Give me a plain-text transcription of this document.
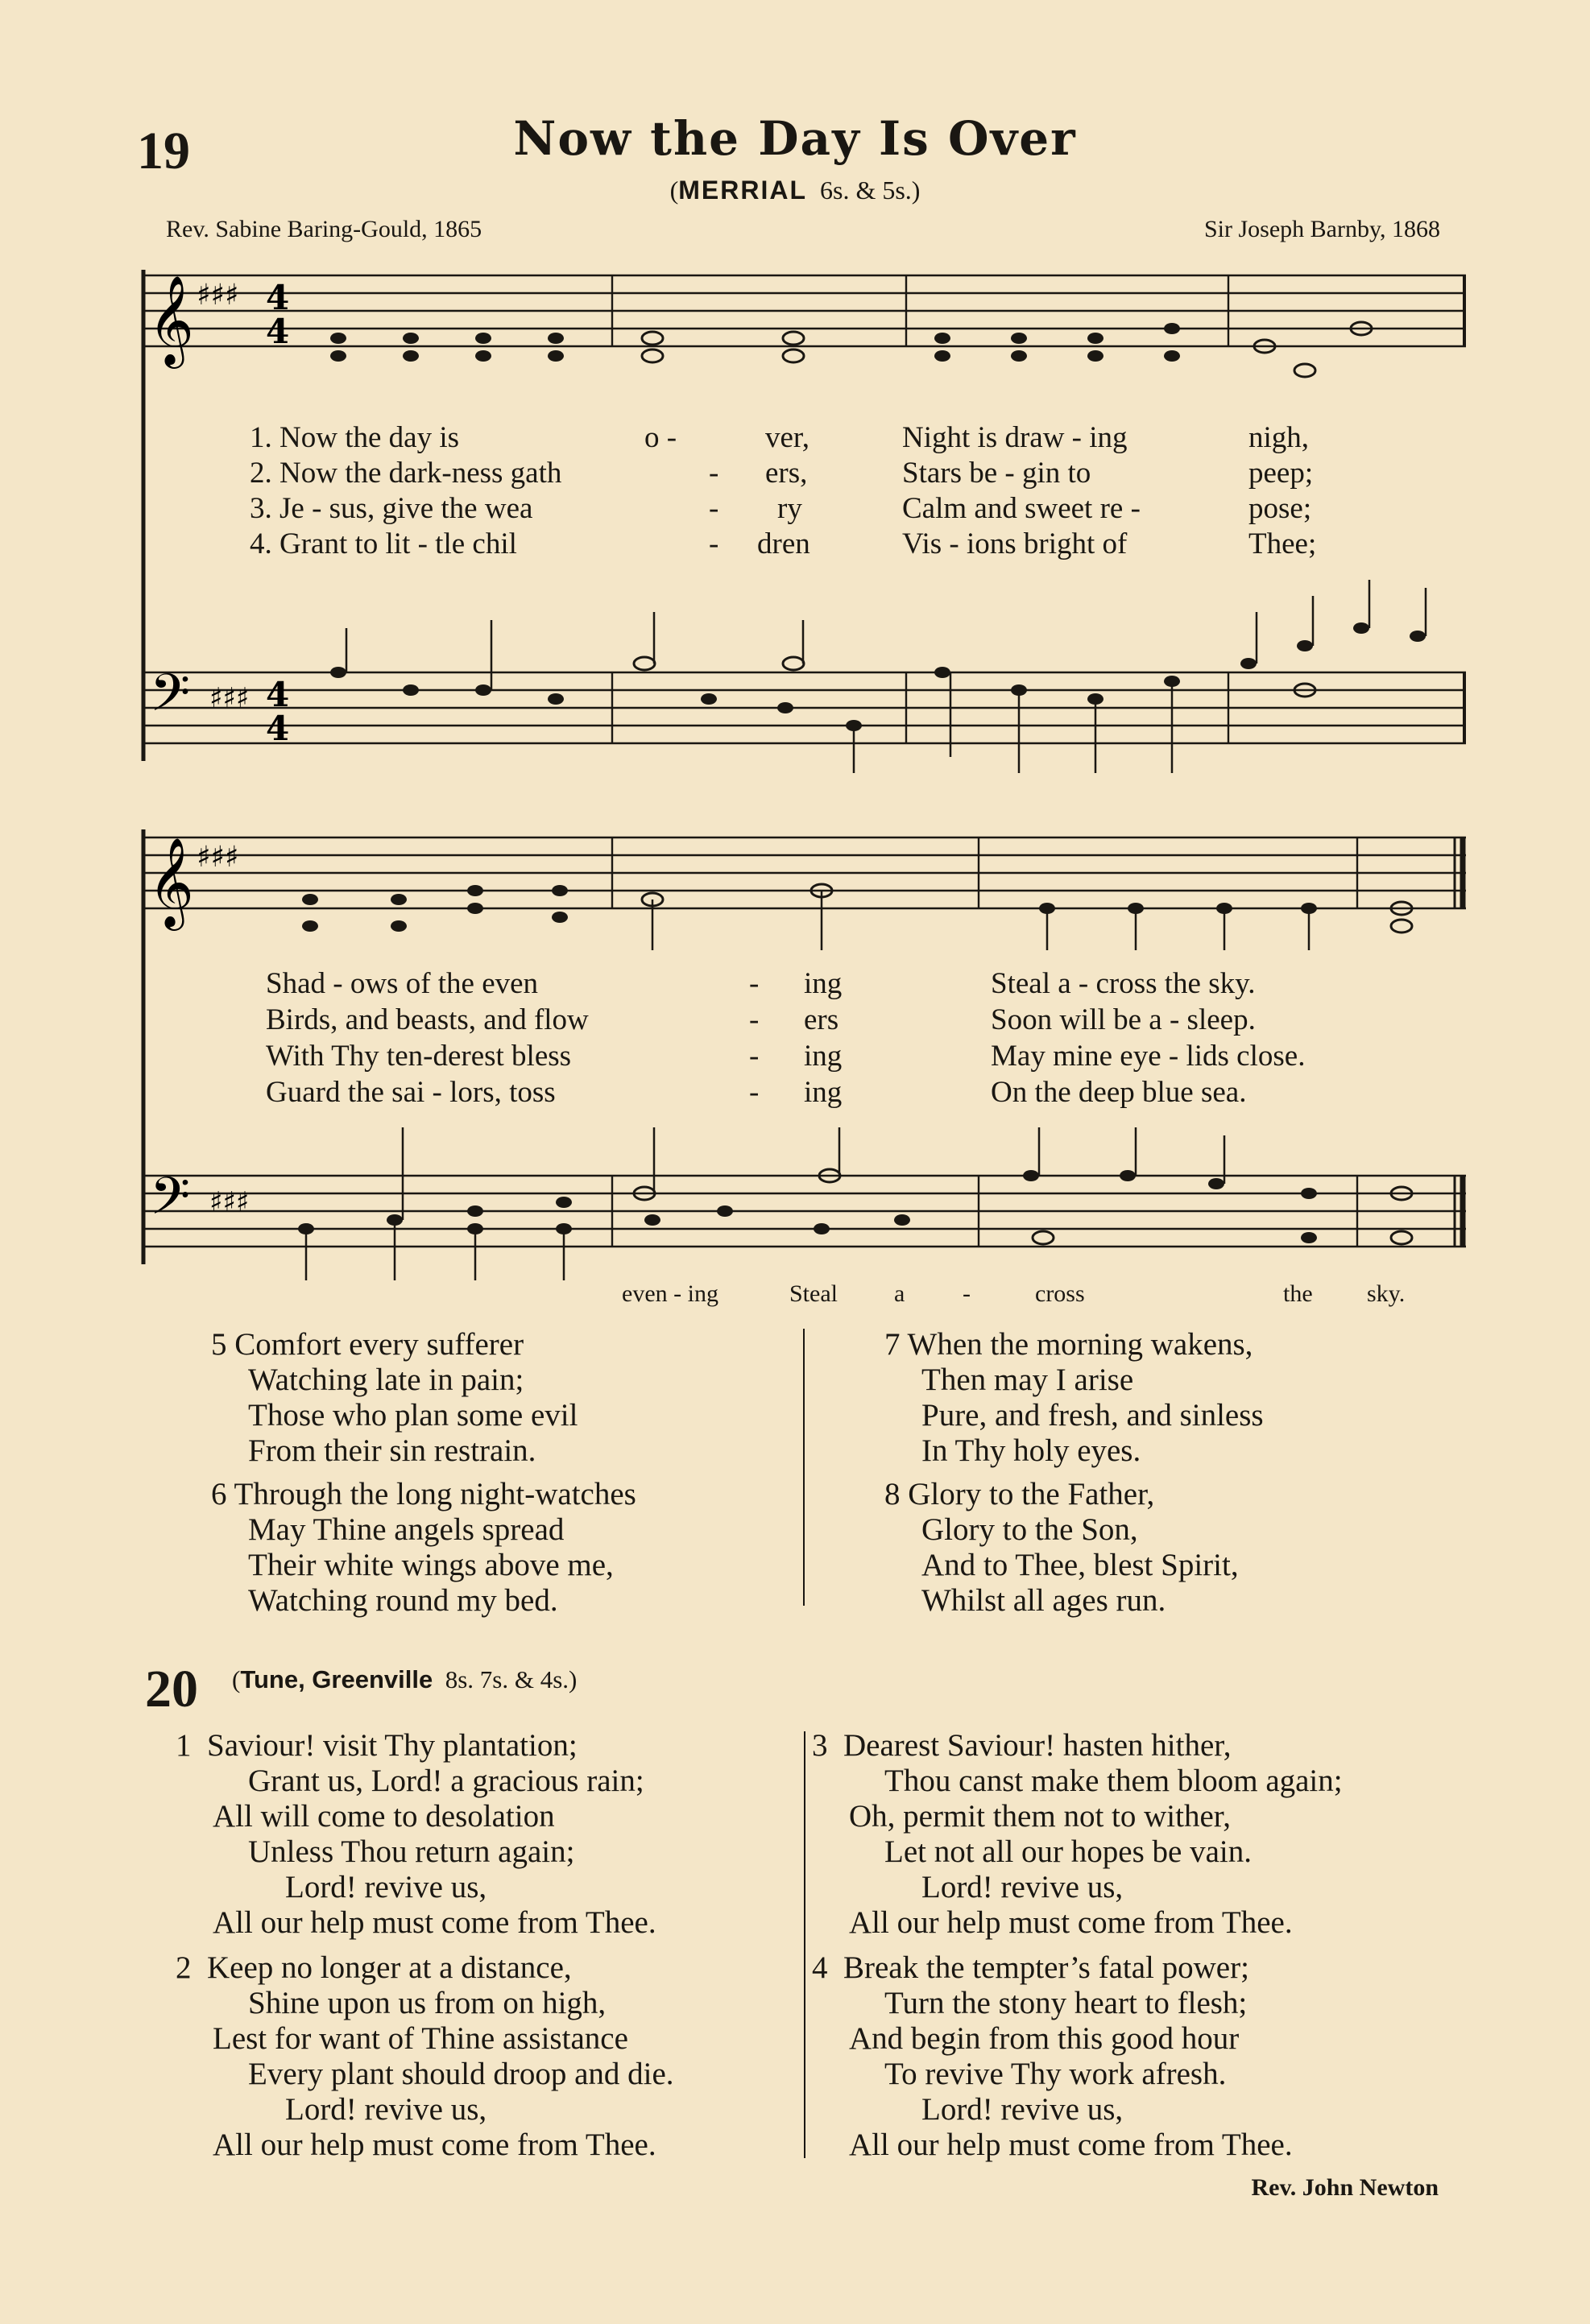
19	Now the Day Is Over
(MERRIAL 6s. & 5s.)
Rev. Sabine Baring-Gould, 1865	Sir Joseph Barnby, 1868
𝄞 ♯♯♯ 4
4
𝄢 ♯♯♯ 4
4
1. Now the day is	o -	ver,	Night is draw - ing	nigh,
2. Now the dark-ness gath	- ers,	Stars be - gin to	peep;
3. Je - sus, give the wea	- ry	Calm and sweet re -	pose;
4. Grant to lit - tle chil	- dren	Vis - ions bright of	Thee;
𝄞 ♯♯♯
𝄢 ♯♯♯
Shad - ows of the even	- ing	Steal a - cross the sky.
Birds, and beasts, and flow	- ers	Soon will be a - sleep.
With Thy ten-derest bless	- ing	May mine eye - lids close.
Guard the sai - lors, toss	- ing	On the deep blue sea.
even - ing	Steal a -	cross	the sky.
5 Comfort every sufferer
Watching late in pain;
Those who plan some evil
From their sin restrain.
6 Through the long night-watches
May Thine angels spread
Their white wings above me,
Watching round my bed.
7 When the morning wakens,
Then may I arise
Pure, and fresh, and sinless
In Thy holy eyes.
8 Glory to the Father,
Glory to the Son,
And to Thee, blest Spirit,
Whilst all ages run.
20 (Tune, Greenville 8s. 7s. & 4s.)
1 Saviour! visit Thy plantation;
Grant us, Lord! a gracious rain;
All will come to desolation
Unless Thou return again;
Lord! revive us,
All our help must come from Thee.
2 Keep no longer at a distance,
Shine upon us from on high,
Lest for want of Thine assistance
Every plant should droop and die.
Lord! revive us,
All our help must come from Thee.
3 Dearest Saviour! hasten hither,
Thou canst make them bloom again;
Oh, permit them not to wither,
Let not all our hopes be vain.
Lord! revive us,
All our help must come from Thee.
4 Break the tempter’s fatal power;
Turn the stony heart to flesh;
And begin from this good hour
To revive Thy work afresh.
Lord! revive us,
All our help must come from Thee.
Rev. John Newton
